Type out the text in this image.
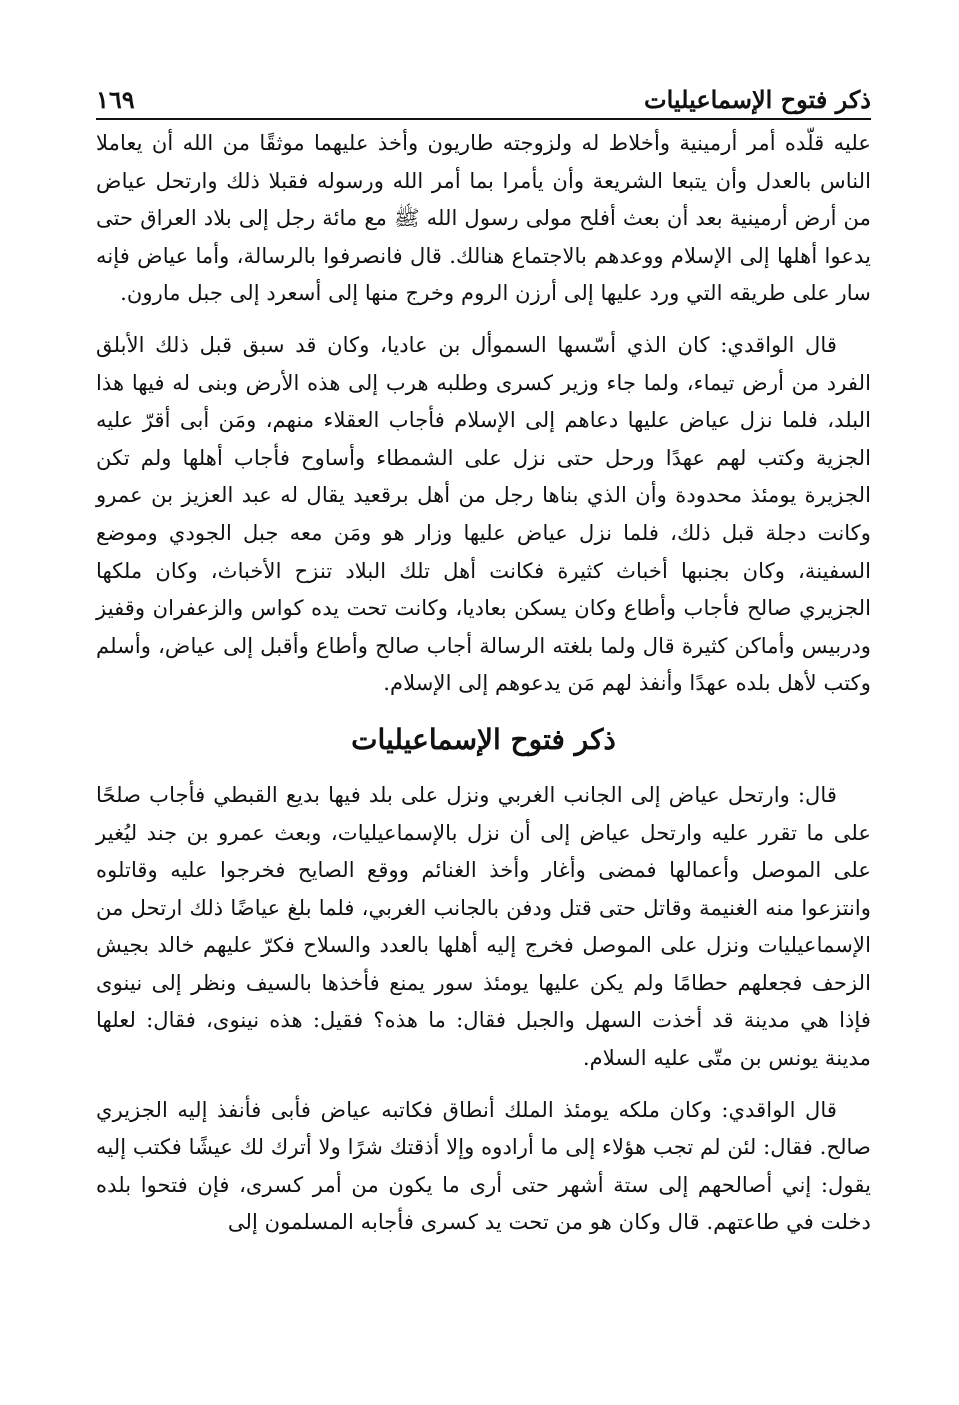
ذكر فتوح الإسماعيليات
١٦٩

عليه قلّده أمر أرمينية وأخلاط له ولزوجته طاريون وأخذ عليهما موثقًا من الله أن يعاملا الناس بالعدل وأن يتبعا الشريعة وأن يأمرا بما أمر الله ورسوله فقبلا ذلك وارتحل عياض من أرض أرمينية بعد أن بعث أفلح مولى رسول الله ﷺ مع مائة رجل إلى بلاد العراق حتى يدعوا أهلها إلى الإسلام ووعدهم بالاجتماع هنالك. قال فانصرفوا بالرسالة، وأما عياض فإنه سار على طريقه التي ورد عليها إلى أرزن الروم وخرج منها إلى أسعرد إلى جبل مارون.

قال الواقدي: كان الذي أسّسها السموأل بن عاديا، وكان قد سبق قبل ذلك الأبلق الفرد من أرض تيماء، ولما جاء وزير كسرى وطلبه هرب إلى هذه الأرض وبنى له فيها هذا البلد، فلما نزل عياض عليها دعاهم إلى الإسلام فأجاب العقلاء منهم، ومَن أبى أقرّ عليه الجزية وكتب لهم عهدًا ورحل حتى نزل على الشمطاء وأساوح فأجاب أهلها ولم تكن الجزيرة يومئذ محدودة وأن الذي بناها رجل من أهل برقعيد يقال له عبد العزيز بن عمرو وكانت دجلة قبل ذلك، فلما نزل عياض عليها وزار هو ومَن معه جبل الجودي وموضع السفينة، وكان بجنبها أخباث كثيرة فكانت أهل تلك البلاد تنزح الأخباث، وكان ملكها الجزيري صالح فأجاب وأطاع وكان يسكن بعاديا، وكانت تحت يده كواس والزعفران وقفيز ودربيس وأماكن كثيرة قال ولما بلغته الرسالة أجاب صالح وأطاع وأقبل إلى عياض، وأسلم وكتب لأهل بلده عهدًا وأنفذ لهم مَن يدعوهم إلى الإسلام.

ذكر فتوح الإسماعيليات

قال: وارتحل عياض إلى الجانب الغربي ونزل على بلد فيها بديع القبطي فأجاب صلحًا على ما تقرر عليه وارتحل عياض إلى أن نزل بالإسماعيليات، وبعث عمرو بن جند ليُغير على الموصل وأعمالها فمضى وأغار وأخذ الغنائم ووقع الصايح فخرجوا عليه وقاتلوه وانتزعوا منه الغنيمة وقاتل حتى قتل ودفن بالجانب الغربي، فلما بلغ عياضًا ذلك ارتحل من الإسماعيليات ونزل على الموصل فخرج إليه أهلها بالعدد والسلاح فكرّ عليهم خالد بجيش الزحف فجعلهم حطامًا ولم يكن عليها يومئذ سور يمنع فأخذها بالسيف ونظر إلى نينوى فإذا هي مدينة قد أخذت السهل والجبل فقال: ما هذه؟ فقيل: هذه نينوى، فقال: لعلها مدينة يونس بن متّى عليه السلام.

قال الواقدي: وكان ملكه يومئذ الملك أنطاق فكاتبه عياض فأبى فأنفذ إليه الجزيري صالح. فقال: لئن لم تجب هؤلاء إلى ما أرادوه وإلا أذقتك شرًا ولا أترك لك عيشًا فكتب إليه يقول: إني أصالحهم إلى ستة أشهر حتى أرى ما يكون من أمر كسرى، فإن فتحوا بلده دخلت في طاعتهم. قال وكان هو من تحت يد كسرى فأجابه المسلمون إلى
